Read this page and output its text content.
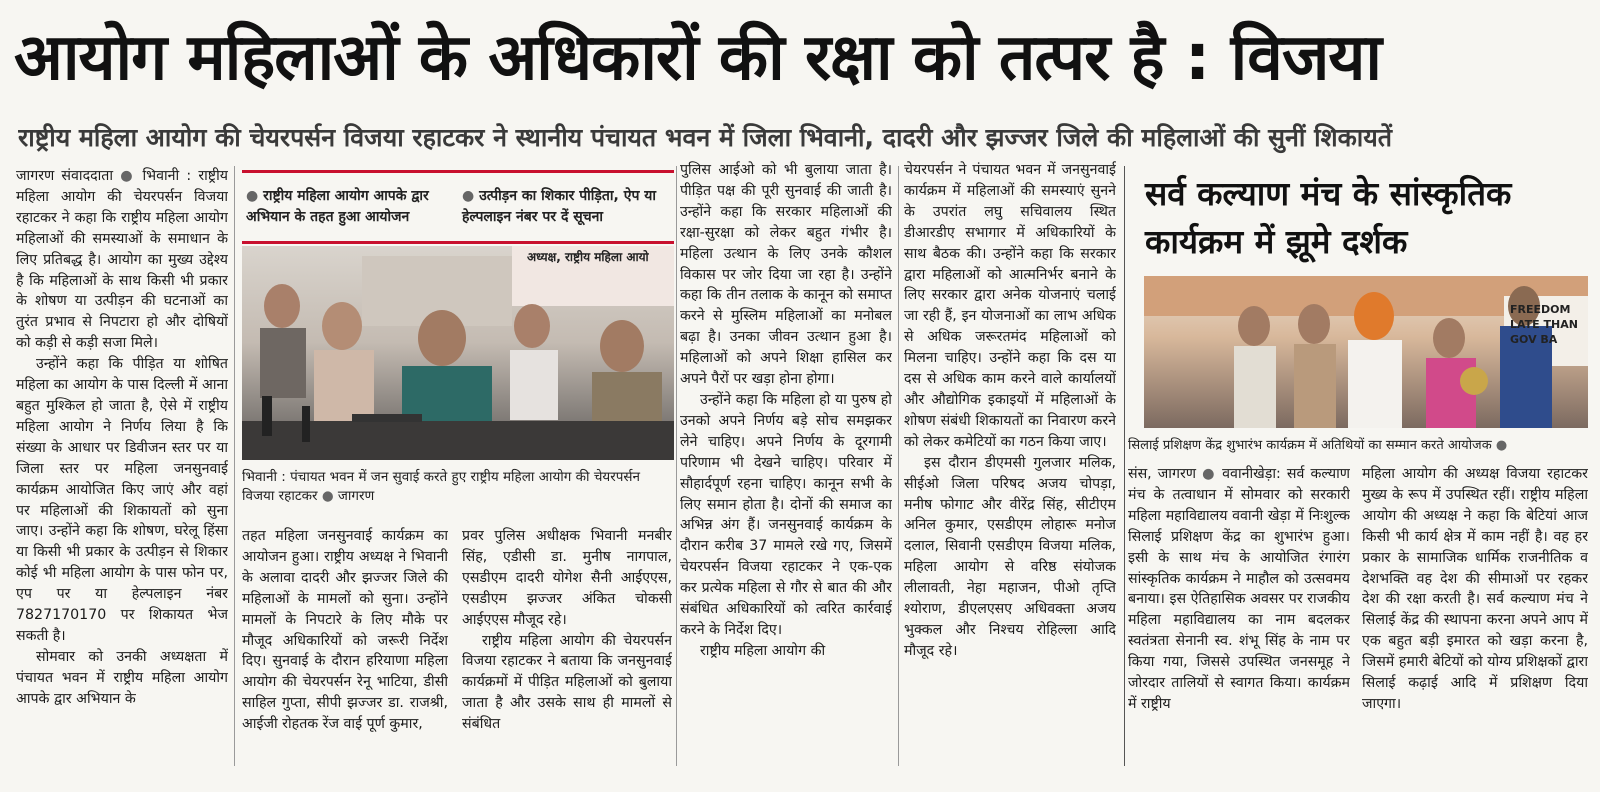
आयोग महिलाओं के अधिकारों की रक्षा को तत्पर है : विजया
राष्ट्रीय महिला आयोग की चेयरपर्सन विजया रहाटकर ने स्थानीय पंचायत भवन में जिला भिवानी, दादरी और झज्जर जिले की महिलाओं की सुनीं शिकायतें

जागरण संवाददाता ● भिवानी : राष्ट्रीय महिला आयोग की चेयरपर्सन विजया रहाटकर ने कहा कि राष्ट्रीय महिला आयोग महिलाओं की समस्याओं के समाधान के लिए प्रतिबद्ध है। आयोग का मुख्य उद्देश्य है कि महिलाओं के साथ किसी भी प्रकार के शोषण या उत्पीड़न की घटनाओं का तुरंत प्रभाव से निपटारा हो और दोषियों को कड़ी से कड़ी सजा मिले।

उन्होंने कहा कि पीड़ित या शोषित महिला का आयोग के पास दिल्ली में आना बहुत मुश्किल हो जाता है, ऐसे में राष्ट्रीय महिला आयोग ने निर्णय लिया है कि संख्या के आधार पर डिवीजन स्तर पर या जिला स्तर पर महिला जनसुनवाई कार्यक्रम आयोजित किए जाएं और वहां पर महिलाओं की शिकायतों को सुना जाए। उन्होंने कहा कि शोषण, घरेलू हिंसा या किसी भी प्रकार के उत्पीड़न से शिकार कोई भी महिला आयोग के पास फोन पर, एप पर या हेल्पलाइन नंबर 7827170170 पर शिकायत भेज सकती है।

सोमवार को उनकी अध्यक्षता में पंचायत भवन में राष्ट्रीय महिला आयोग आपके द्वार अभियान के

● राष्ट्रीय महिला आयोग आपके द्वार अभियान के तहत हुआ आयोजन
● उत्पीड़न का शिकार पीड़िता, ऐप या हेल्पलाइन नंबर पर दें सूचना
अध्यक्ष, राष्ट्रीय महिला आयो
भिवानी : पंचायत भवन में जन सुवाई करते हुए राष्ट्रीय महिला आयोग की चेयरपर्सन विजया रहाटकर ● जागरण

तहत महिला जनसुनवाई कार्यक्रम का आयोजन हुआ। राष्ट्रीय अध्यक्ष ने भिवानी के अलावा दादरी और झज्जर जिले की महिलाओं के मामलों को सुना। उन्होंने मामलों के निपटारे के लिए मौके पर मौजूद अधिकारियों को जरूरी निर्देश दिए। सुनवाई के दौरान हरियाणा महिला आयोग की चेयरपर्सन रेनू भाटिया, डीसी साहिल गुप्ता, सीपी झज्जर डा. राजश्री, आईजी रोहतक रेंज वाई पूर्ण कुमार,

प्रवर पुलिस अधीक्षक भिवानी मनबीर सिंह, एडीसी डा. मुनीष नागपाल, एसडीएम दादरी योगेश सैनी आईएएस, एसडीएम झज्जर अंकित चोकसी आईएएस मौजूद रहे।

राष्ट्रीय महिला आयोग की चेयरपर्सन विजया रहाटकर ने बताया कि जनसुनवाई कार्यक्रमों में पीड़ित महिलाओं को बुलाया जाता है और उसके साथ ही मामलों से संबंधित

पुलिस आईओ को भी बुलाया जाता है। पीड़ित पक्ष की पूरी सुनवाई की जाती है। उन्होंने कहा कि सरकार महिलाओं की रक्षा-सुरक्षा को लेकर बहुत गंभीर है। महिला उत्थान के लिए उनके कौशल विकास पर जोर दिया जा रहा है। उन्होंने कहा कि तीन तलाक के कानून को समाप्त करने से मुस्लिम महिलाओं का मनोबल बढ़ा है। उनका जीवन उत्थान हुआ है। महिलाओं को अपने शिक्षा हासिल कर अपने पैरों पर खड़ा होना होगा।

उन्होंने कहा कि महिला हो या पुरुष हो उनको अपने निर्णय बड़े सोच समझकर लेने चाहिए। अपने निर्णय के दूरगामी परिणाम भी देखने चाहिए। परिवार में सौहार्दपूर्ण रहना चाहिए। कानून सभी के लिए समान होता है। दोनों की समाज का अभिन्न अंग हैं। जनसुनवाई कार्यक्रम के दौरान करीब 37 मामले रखे गए, जिसमें चेयरपर्सन विजया रहाटकर ने एक-एक कर प्रत्येक महिला से गौर से बात की और संबंधित अधिकारियों को त्वरित कार्रवाई करने के निर्देश दिए।

राष्ट्रीय महिला आयोग की

चेयरपर्सन ने पंचायत भवन में जनसुनवाई कार्यक्रम में महिलाओं की समस्याएं सुनने के उपरांत लघु सचिवालय स्थित डीआरडीए सभागार में अधिकारियों के साथ बैठक की। उन्होंने कहा कि सरकार द्वारा महिलाओं को आत्मनिर्भर बनाने के लिए सरकार द्वारा अनेक योजनाएं चलाई जा रही हैं, इन योजनाओं का लाभ अधिक से अधिक जरूरतमंद महिलाओं को मिलना चाहिए। उन्होंने कहा कि दस या दस से अधिक काम करने वाले कार्यालयों और औद्योगिक इकाइयों में महिलाओं के शोषण संबंधी शिकायतों का निवारण करने को लेकर कमेटियों का गठन किया जाए।

इस दौरान डीएमसी गुलजार मलिक, सीईओ जिला परिषद अजय चोपड़ा, मनीष फोगाट और वीरेंद्र सिंह, सीटीएम अनिल कुमार, एसडीएम लोहारू मनोज दलाल, सिवानी एसडीएम विजया मलिक, महिला आयोग से वरिष्ठ संयोजक लीलावती, नेहा महाजन, पीओ तृप्ति श्योराण, डीएलएसए अधिवक्ता अजय भुक्कल और निश्चय रोहिल्ला आदि मौजूद रहे।

सर्व कल्याण मंच के सांस्कृतिक कार्यक्रम में झूमे दर्शक
FREEDOM LATE THAN GOV BA
सिलाई प्रशिक्षण केंद्र शुभारंभ कार्यक्रम में अतिथियों का सम्मान करते आयोजक ●

संस, जागरण ● ववानीखेड़ा: सर्व कल्याण मंच के तत्वाधान में सोमवार को सरकारी महिला महाविद्यालय ववानी खेड़ा में निःशुल्क सिलाई प्रशिक्षण केंद्र का शुभारंभ हुआ। इसी के साथ मंच के आयोजित रंगारंग सांस्कृतिक कार्यक्रम ने माहौल को उत्सवमय बनाया। इस ऐतिहासिक अवसर पर राजकीय महिला महाविद्यालय का नाम बदलकर स्वतंत्रता सेनानी स्व. शंभू सिंह के नाम पर किया गया, जिससे उपस्थित जनसमूह ने जोरदार तालियों से स्वागत किया। कार्यक्रम में राष्ट्रीय

महिला आयोग की अध्यक्ष विजया रहाटकर मुख्य के रूप में उपस्थित रहीं। राष्ट्रीय महिला आयोग की अध्यक्ष ने कहा कि बेटियां आज किसी भी कार्य क्षेत्र में काम नहीं है। वह हर प्रकार के सामाजिक धार्मिक राजनीतिक व देशभक्ति वह देश की सीमाओं पर रहकर देश की रक्षा करती है। सर्व कल्याण मंच ने सिलाई केंद्र की स्थापना करना अपने आप में एक बहुत बड़ी इमारत को खड़ा करना है, जिसमें हमारी बेटियों को योग्य प्रशिक्षकों द्वारा सिलाई कढ़ाई आदि में प्रशिक्षण दिया जाएगा।
